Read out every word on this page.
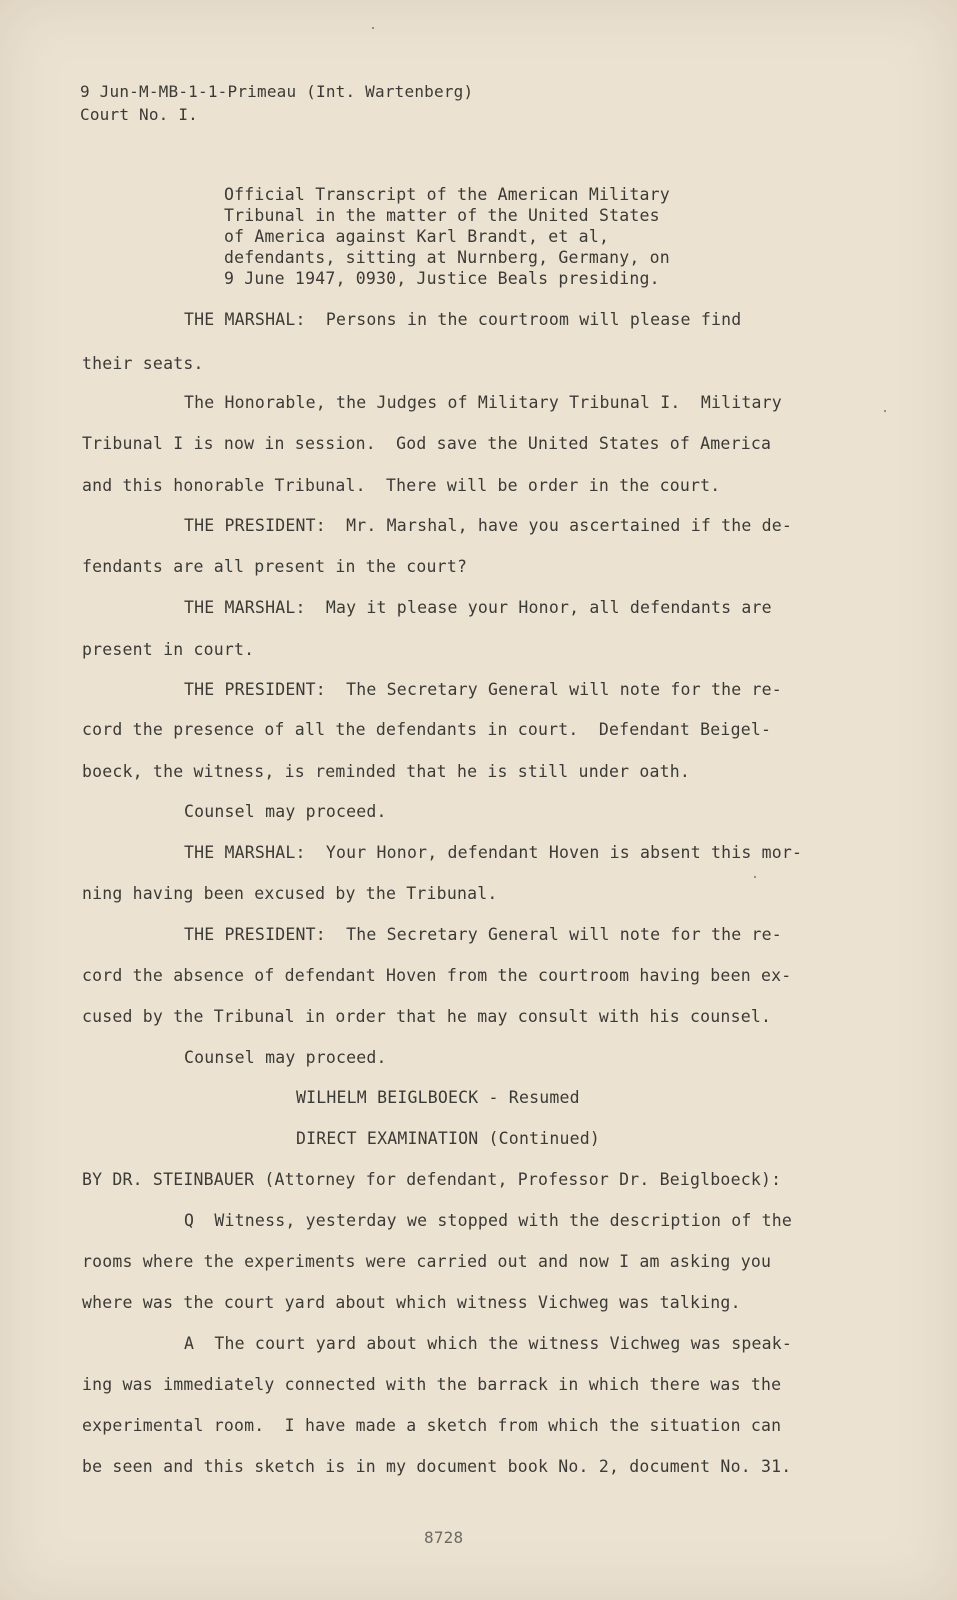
9 Jun-M-MB-1-1-Primeau (Int. Wartenberg)
Court No. I.
Official Transcript of the American Military
Tribunal in the matter of the United States
of America against Karl Brandt, et al,
defendants, sitting at Nurnberg, Germany, on
9 June 1947, 0930, Justice Beals presiding.
THE MARSHAL:  Persons in the courtroom will please find
their seats.
The Honorable, the Judges of Military Tribunal I.  Military
Tribunal I is now in session.  God save the United States of America
and this honorable Tribunal.  There will be order in the court.
THE PRESIDENT:  Mr. Marshal, have you ascertained if the de-
fendants are all present in the court?
THE MARSHAL:  May it please your Honor, all defendants are
present in court.
THE PRESIDENT:  The Secretary General will note for the re-
cord the presence of all the defendants in court.  Defendant Beigel-
boeck, the witness, is reminded that he is still under oath.
Counsel may proceed.
THE MARSHAL:  Your Honor, defendant Hoven is absent this mor-
ning having been excused by the Tribunal.
THE PRESIDENT:  The Secretary General will note for the re-
cord the absence of defendant Hoven from the courtroom having been ex-
cused by the Tribunal in order that he may consult with his counsel.
Counsel may proceed.
WILHELM BEIGLBOECK - Resumed
DIRECT EXAMINATION (Continued)
BY DR. STEINBAUER (Attorney for defendant, Professor Dr. Beiglboeck):
Q  Witness, yesterday we stopped with the description of the
rooms where the experiments were carried out and now I am asking you
where was the court yard about which witness Vichweg was talking.
A  The court yard about which the witness Vichweg was speak-
ing was immediately connected with the barrack in which there was the
experimental room.  I have made a sketch from which the situation can
be seen and this sketch is in my document book No. 2, document No. 31.
8728
